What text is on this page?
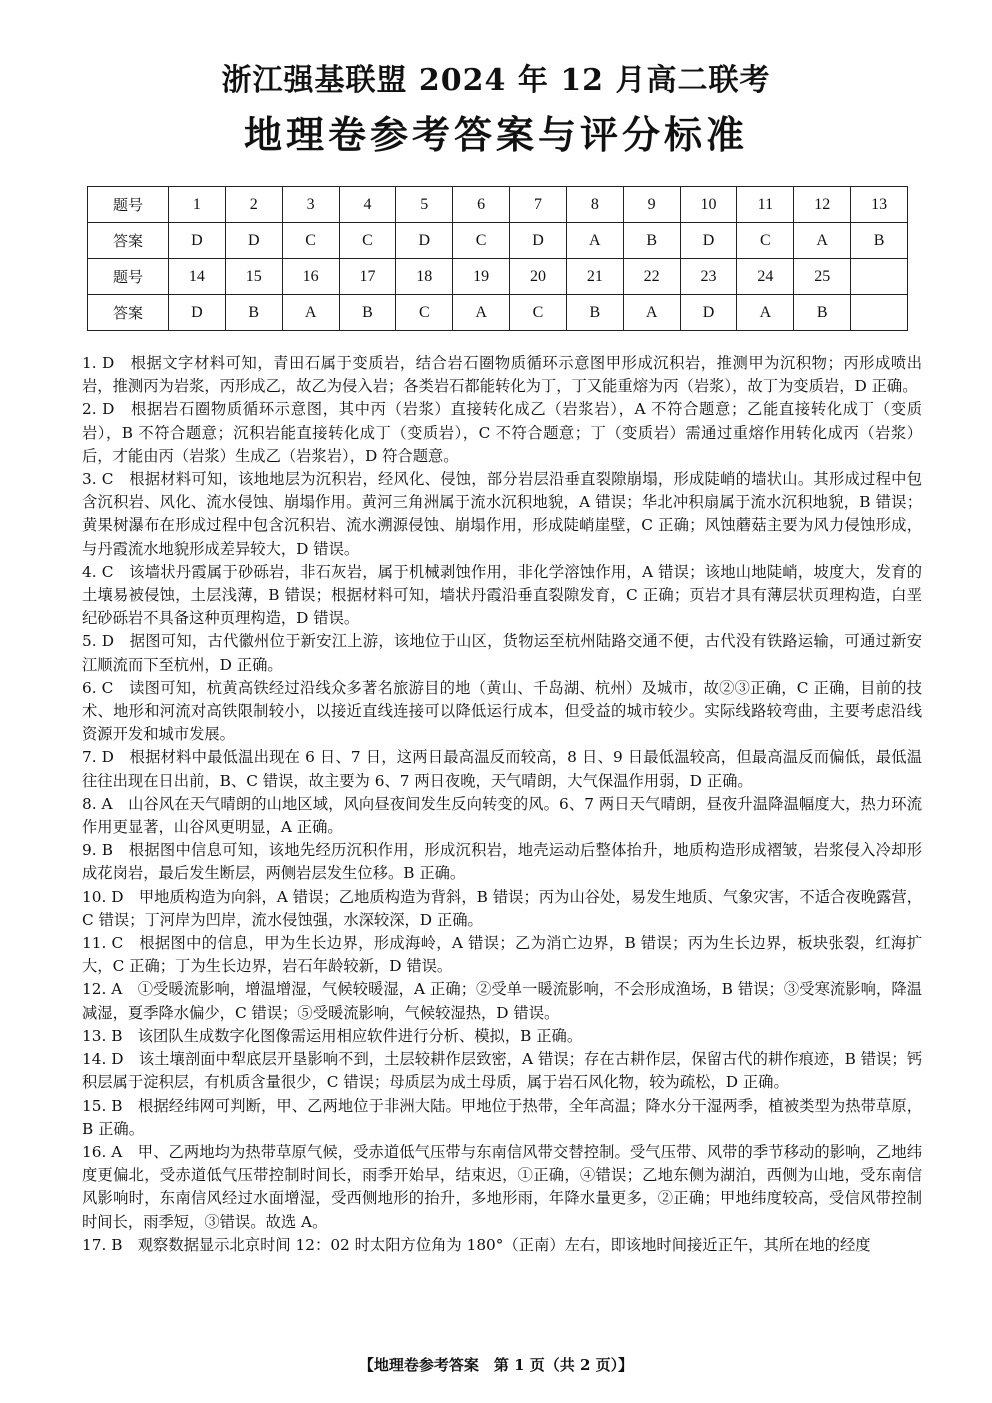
浙江强基联盟 2024 年 12 月高二联考
地理卷参考答案与评分标准
题号	1	2	3	4	5	6	7	8	9	10	11	12	13
答案	D	D	C	C	D	C	D	A	B	D	C	A	B
题号	14	15	16	17	18	19	20	21	22	23	24	25	
答案	D	B	A	B	C	A	C	B	A	D	A	B	

1. D　根据文字材料可知，青田石属于变质岩，结合岩石圈物质循环示意图甲形成沉积岩，推测甲为沉积物；丙形成喷出岩，推测丙为岩浆，丙形成乙，故乙为侵入岩；各类岩石都能转化为丁，丁又能重熔为丙（岩浆），故丁为变质岩，D 正确。

2. D　根据岩石圈物质循环示意图，其中丙（岩浆）直接转化成乙（岩浆岩），A 不符合题意；乙能直接转化成丁（变质岩），B 不符合题意；沉积岩能直接转化成丁（变质岩），C 不符合题意；丁（变质岩）需通过重熔作用转化成丙（岩浆）后，才能由丙（岩浆）生成乙（岩浆岩），D 符合题意。

3. C　根据材料可知，该地地层为沉积岩，经风化、侵蚀，部分岩层沿垂直裂隙崩塌，形成陡峭的墙状山。其形成过程中包含沉积岩、风化、流水侵蚀、崩塌作用。黄河三角洲属于流水沉积地貌，A 错误；华北冲积扇属于流水沉积地貌，B 错误；黄果树瀑布在形成过程中包含沉积岩、流水溯源侵蚀、崩塌作用，形成陡峭崖壁，C 正确；风蚀蘑菇主要为风力侵蚀形成，与丹霞流水地貌形成差异较大，D 错误。

4. C　该墙状丹霞属于砂砾岩，非石灰岩，属于机械剥蚀作用，非化学溶蚀作用，A 错误；该地山地陡峭，坡度大，发育的土壤易被侵蚀，土层浅薄，B 错误；根据材料可知，墙状丹霞沿垂直裂隙发育，C 正确；页岩才具有薄层状页理构造，白垩纪砂砾岩不具备这种页理构造，D 错误。

5. D　据图可知，古代徽州位于新安江上游，该地位于山区，货物运至杭州陆路交通不便，古代没有铁路运输，可通过新安江顺流而下至杭州，D 正确。

6. C　读图可知，杭黄高铁经过沿线众多著名旅游目的地（黄山、千岛湖、杭州）及城市，故②③正确，C 正确，目前的技术、地形和河流对高铁限制较小，以接近直线连接可以降低运行成本，但受益的城市较少。实际线路较弯曲，主要考虑沿线资源开发和城市发展。

7. D　根据材料中最低温出现在 6 日、7 日，这两日最高温反而较高，8 日、9 日最低温较高，但最高温反而偏低，最低温往往出现在日出前，B、C 错误，故主要为 6、7 两日夜晚，天气晴朗，大气保温作用弱，D 正确。

8. A　山谷风在天气晴朗的山地区域，风向昼夜间发生反向转变的风。6、7 两日天气晴朗，昼夜升温降温幅度大，热力环流作用更显著，山谷风更明显，A 正确。

9. B　根据图中信息可知，该地先经历沉积作用，形成沉积岩，地壳运动后整体抬升，地质构造形成褶皱，岩浆侵入冷却形成花岗岩，最后发生断层，两侧岩层发生位移。B 正确。

10. D　甲地质构造为向斜，A 错误；乙地质构造为背斜，B 错误；丙为山谷处，易发生地质、气象灾害，不适合夜晚露营，C 错误；丁河岸为凹岸，流水侵蚀强，水深较深，D 正确。

11. C　根据图中的信息，甲为生长边界，形成海岭，A 错误；乙为消亡边界，B 错误；丙为生长边界，板块张裂，红海扩大，C 正确；丁为生长边界，岩石年龄较新，D 错误。

12. A　①受暖流影响，增温增湿，气候较暖湿，A 正确；②受单一暖流影响，不会形成渔场，B 错误；③受寒流影响，降温减湿，夏季降水偏少，C 错误；⑤受暖流影响，气候较湿热，D 错误。

13. B　该团队生成数字化图像需运用相应软件进行分析、模拟，B 正确。

14. D　该土壤剖面中犁底层开垦影响不到，土层较耕作层致密，A 错误；存在古耕作层，保留古代的耕作痕迹，B 错误；钙积层属于淀积层，有机质含量很少，C 错误；母质层为成土母质，属于岩石风化物，较为疏松，D 正确。

15. B　根据经纬网可判断，甲、乙两地位于非洲大陆。甲地位于热带，全年高温；降水分干湿两季，植被类型为热带草原，B 正确。

16. A　甲、乙两地均为热带草原气候，受赤道低气压带与东南信风带交替控制。受气压带、风带的季节移动的影响，乙地纬度更偏北，受赤道低气压带控制时间长，雨季开始早，结束迟，①正确，④错误；乙地东侧为湖泊，西侧为山地，受东南信风影响时，东南信风经过水面增湿，受西侧地形的抬升，多地形雨，年降水量更多，②正确；甲地纬度较高，受信风带控制时间长，雨季短，③错误。故选 A。

17. B　观察数据显示北京时间 12：02 时太阳方位角为 180°（正南）左右，即该地时间接近正午，其所在地的经度

【地理卷参考答案　第 1 页（共 2 页）】
